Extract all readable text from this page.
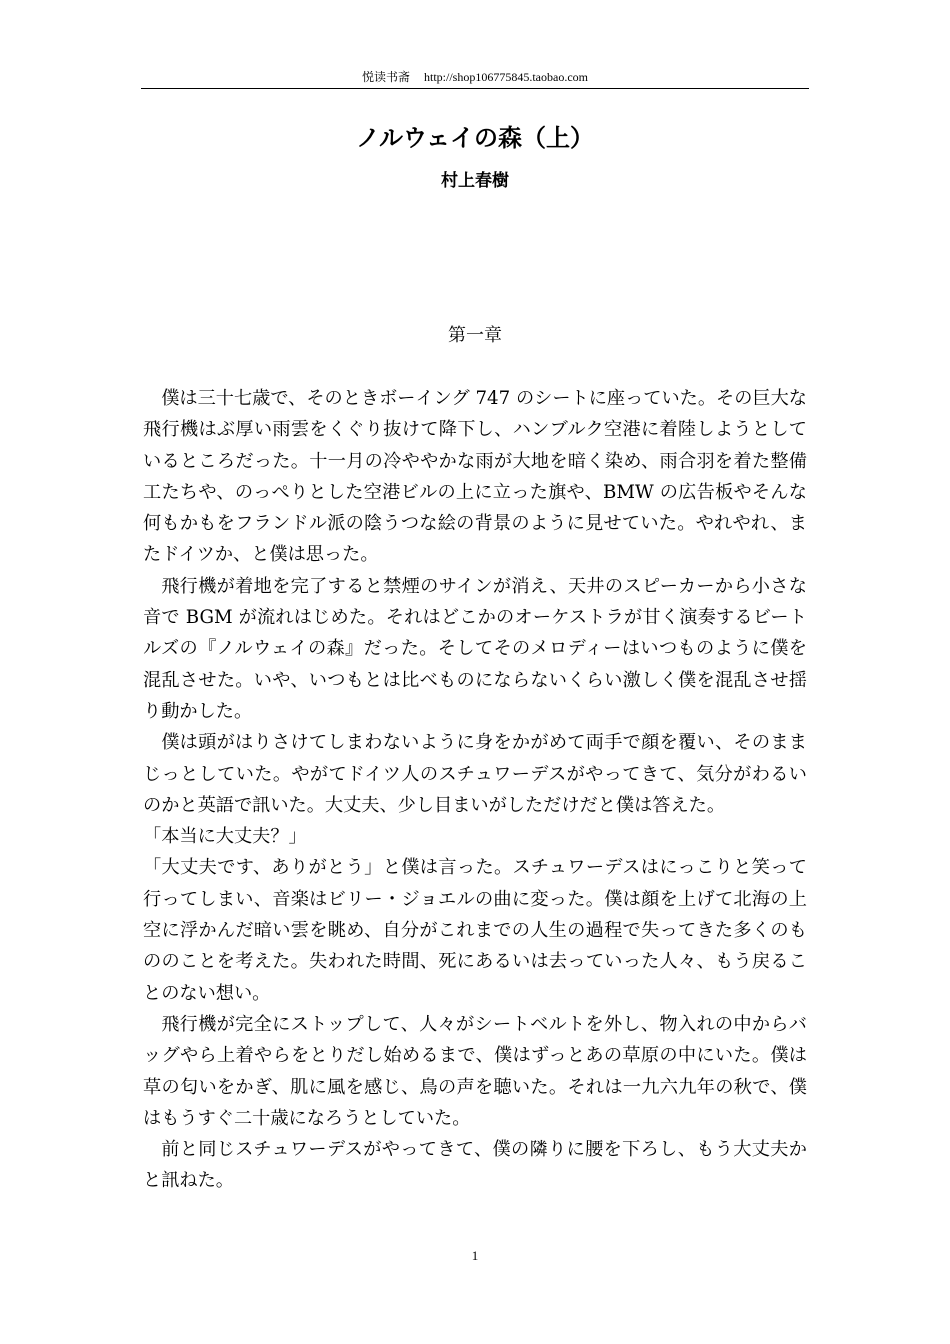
悦读书斋 http://shop106775845.taobao.com
ノルウェイの森（上）
村上春樹
第一章

僕は三十七歳で、そのときボーイング 747 のシートに座っていた。その巨大な飛行機はぶ厚い雨雲をくぐり抜けて降下し、ハンブルク空港に着陸しようとしているところだった。十一月の冷ややかな雨が大地を暗く染め、雨合羽を着た整備工たちや、のっぺりとした空港ビルの上に立った旗や、BMW の広告板やそんな何もかもをフランドル派の陰うつな絵の背景のように見せていた。やれやれ、またドイツか、と僕は思った。

飛行機が着地を完了すると禁煙のサインが消え、天井のスピーカーから小さな音で BGM が流れはじめた。それはどこかのオーケストラが甘く演奏するビートルズの『ノルウェイの森』だった。そしてそのメロディーはいつものように僕を混乱させた。いや、いつもとは比べものにならないくらい激しく僕を混乱させ揺り動かした。

僕は頭がはりさけてしまわないように身をかがめて両手で顔を覆い、そのままじっとしていた。やがてドイツ人のスチュワーデスがやってきて、気分がわるいのかと英語で訊いた。大丈夫、少し目まいがしただけだと僕は答えた。

「本当に大丈夫？」

「大丈夫です、ありがとう」と僕は言った。スチュワーデスはにっこりと笑って行ってしまい、音楽はビリー・ジョエルの曲に変った。僕は顔を上げて北海の上空に浮かんだ暗い雲を眺め、自分がこれまでの人生の過程で失ってきた多くのもののことを考えた。失われた時間、死にあるいは去っていった人々、もう戻ることのない想い。

飛行機が完全にストップして、人々がシートベルトを外し、物入れの中からバッグやら上着やらをとりだし始めるまで、僕はずっとあの草原の中にいた。僕は草の匂いをかぎ、肌に風を感じ、鳥の声を聴いた。それは一九六九年の秋で、僕はもうすぐ二十歳になろうとしていた。

前と同じスチュワーデスがやってきて、僕の隣りに腰を下ろし、もう大丈夫かと訊ねた。

1
